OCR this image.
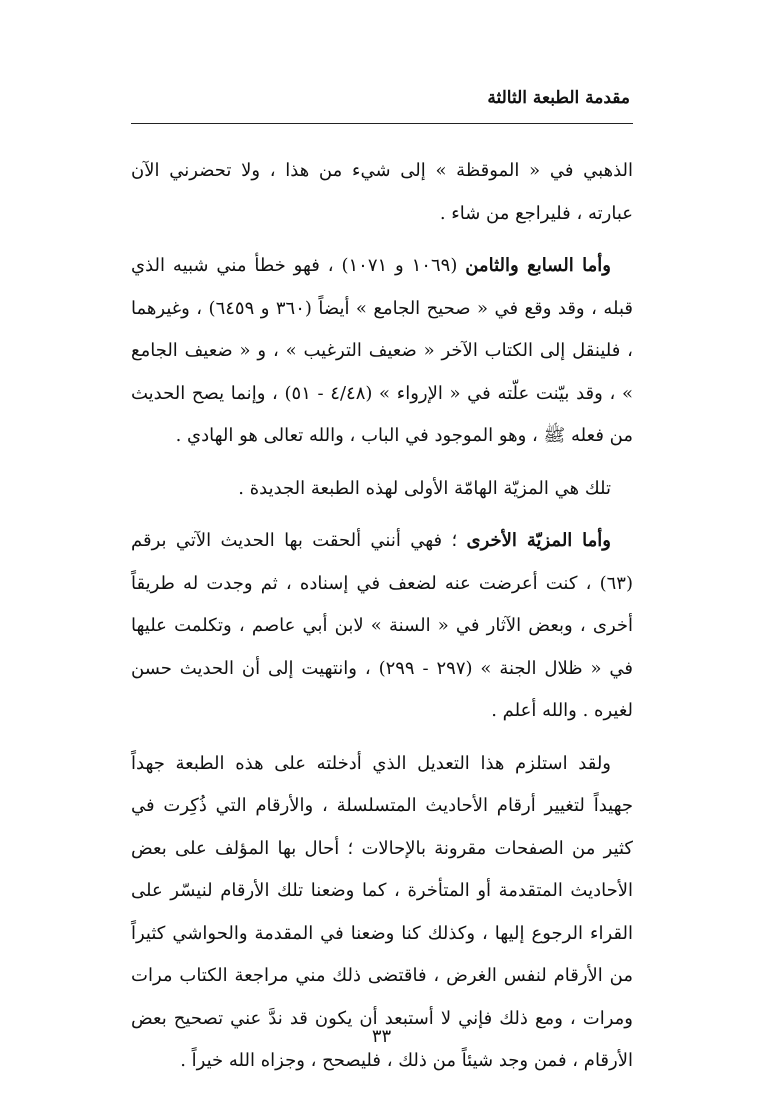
مقدمة الطبعة الثالثة

الذهبي في « الموقظة » إلى شيء من هذا ، ولا تحضرني الآن عبارته ، فليراجع من شاء .

وأما السابع والثامن (١٠٦٩ و ١٠٧١) ، فهو خطأ مني شبيه الذي قبله ، وقد وقع في « صحيح الجامع » أيضاً (٣٦٠ و ٦٤٥٩) ، وغيرهما ، فلينقل إلى الكتاب الآخر « ضعيف الترغيب » ، و « ضعيف الجامع » ، وقد بيّنت علّته في « الإرواء » (٤/٤٨ - ٥١) ، وإنما يصح الحديث من فعله ﷺ ، وهو الموجود في الباب ، والله تعالى هو الهادي .

تلك هي المزيّة الهامّة الأولى لهذه الطبعة الجديدة .

وأما المزيّة الأخرى ؛ فهي أنني ألحقت بها الحديث الآتي برقم (٦٣) ، كنت أعرضت عنه لضعف في إسناده ، ثم وجدت له طريقاً أخرى ، وبعض الآثار في « السنة » لابن أبي عاصم ، وتكلمت عليها في « ظلال الجنة » (٢٩٧ - ٢٩٩) ، وانتهيت إلى أن الحديث حسن لغيره . والله أعلم .

ولقد استلزم هذا التعديل الذي أدخلته على هذه الطبعة جهداً جهيداً لتغيير أرقام الأحاديث المتسلسلة ، والأرقام التي ذُكِرت في كثير من الصفحات مقرونة بالإحالات ؛ أحال بها المؤلف على بعض الأحاديث المتقدمة أو المتأخرة ، كما وضعنا تلك الأرقام لنيسّر على القراء الرجوع إليها ، وكذلك كنا وضعنا في المقدمة والحواشي كثيراً من الأرقام لنفس الغرض ، فاقتضى ذلك مني مراجعة الكتاب مرات ومرات ، ومع ذلك فإني لا أستبعد أن يكون قد ندَّ عني تصحيح بعض الأرقام ، فمن وجد شيئاً من ذلك ، فليصحح ، وجزاه الله خيراً .

٣٣
